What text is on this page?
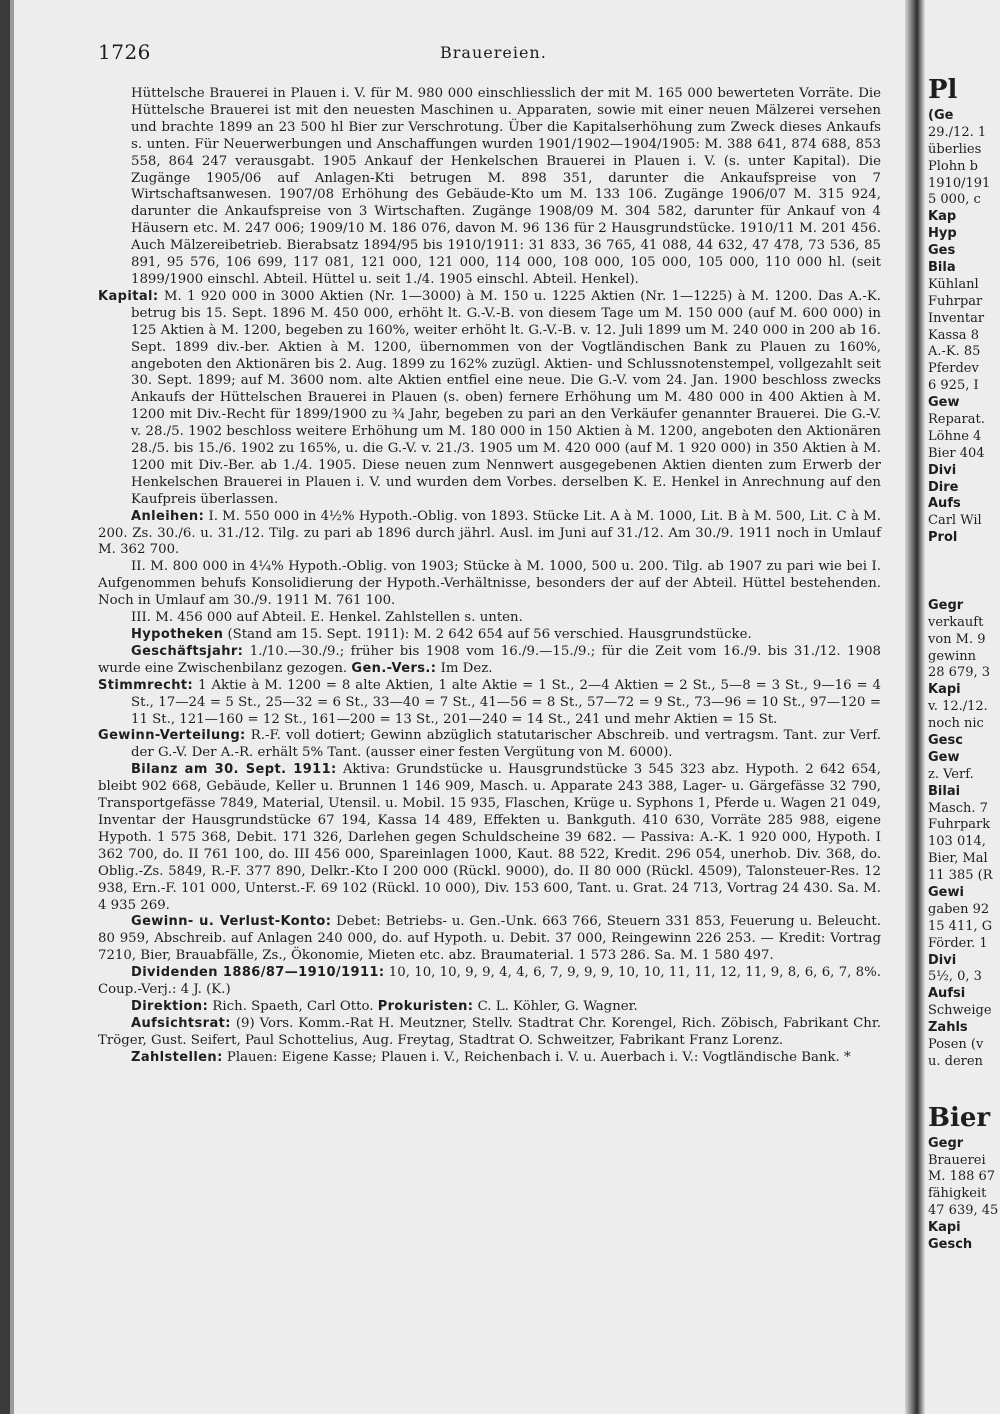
1726	Brauereien.

Hüttelsche Brauerei in Plauen i. V. für M. 980 000 einschliesslich der mit M. 165 000 bewerteten Vorräte. Die Hüttelsche Brauerei ist mit den neuesten Maschinen u. Apparaten, sowie mit einer neuen Mälzerei versehen und brachte 1899 an 23 500 hl Bier zur Verschrotung. Über die Kapitalserhöhung zum Zweck dieses Ankaufs s. unten. Für Neuerwerbungen und Anschaffungen wurden 1901/1902—1904/1905: M. 388 641, 874 688, 853 558, 864 247 verausgabt. 1905 Ankauf der Henkelschen Brauerei in Plauen i. V. (s. unter Kapital). Die Zugänge 1905/06 auf Anlagen-Kti betrugen M. 898 351, darunter die Ankaufspreise von 7 Wirtschaftsanwesen. 1907/08 Erhöhung des Gebäude-Kto um M. 133 106. Zugänge 1906/07 M. 315 924, darunter die Ankaufspreise von 3 Wirtschaften. Zugänge 1908/09 M. 304 582, darunter für Ankauf von 4 Häusern etc. M. 247 006; 1909/10 M. 186 076, davon M. 96 136 für 2 Hausgrundstücke. 1910/11 M. 201 456. Auch Mälzereibetrieb. Bierabsatz 1894/95 bis 1910/1911: 31 833, 36 765, 41 088, 44 632, 47 478, 73 536, 85 891, 95 576, 106 699, 117 081, 121 000, 121 000, 114 000, 108 000, 105 000, 105 000, 110 000 hl. (seit 1899/1900 einschl. Abteil. Hüttel u. seit 1./4. 1905 einschl. Abteil. Henkel).

Kapital: M. 1 920 000 in 3000 Aktien (Nr. 1—3000) à M. 150 u. 1225 Aktien (Nr. 1—1225) à M. 1200. Das A.-K. betrug bis 15. Sept. 1896 M. 450 000, erhöht lt. G.-V.-B. von diesem Tage um M. 150 000 (auf M. 600 000) in 125 Aktien à M. 1200, begeben zu 160%, weiter erhöht lt. G.-V.-B. v. 12. Juli 1899 um M. 240 000 in 200 ab 16. Sept. 1899 div.-ber. Aktien à M. 1200, übernommen von der Vogtländischen Bank zu Plauen zu 160%, angeboten den Aktionären bis 2. Aug. 1899 zu 162% zuzügl. Aktien- und Schlussnotenstempel, vollgezahlt seit 30. Sept. 1899; auf M. 3600 nom. alte Aktien entfiel eine neue. Die G.-V. vom 24. Jan. 1900 beschloss zwecks Ankaufs der Hüttelschen Brauerei in Plauen (s. oben) fernere Erhöhung um M. 480 000 in 400 Aktien à M. 1200 mit Div.-Recht für 1899/1900 zu ¾ Jahr, begeben zu pari an den Verkäufer genannter Brauerei. Die G.-V. v. 28./5. 1902 beschloss weitere Erhöhung um M. 180 000 in 150 Aktien à M. 1200, angeboten den Aktionären 28./5. bis 15./6. 1902 zu 165%, u. die G.-V. v. 21./3. 1905 um M. 420 000 (auf M. 1 920 000) in 350 Aktien à M. 1200 mit Div.-Ber. ab 1./4. 1905. Diese neuen zum Nennwert ausgegebenen Aktien dienten zum Erwerb der Henkelschen Brauerei in Plauen i. V. und wurden dem Vorbes. derselben K. E. Henkel in Anrechnung auf den Kaufpreis überlassen.

Anleihen: I. M. 550 000 in 4½% Hypoth.-Oblig. von 1893. Stücke Lit. A à M. 1000, Lit. B à M. 500, Lit. C à M. 200. Zs. 30./6. u. 31./12. Tilg. zu pari ab 1896 durch jährl. Ausl. im Juni auf 31./12. Am 30./9. 1911 noch in Umlauf M. 362 700.

II. M. 800 000 in 4¼% Hypoth.-Oblig. von 1903; Stücke à M. 1000, 500 u. 200. Tilg. ab 1907 zu pari wie bei I. Aufgenommen behufs Konsolidierung der Hypoth.-Verhältnisse, besonders der auf der Abteil. Hüttel bestehenden. Noch in Umlauf am 30./9. 1911 M. 761 100.

III. M. 456 000 auf Abteil. E. Henkel. Zahlstellen s. unten.

Hypotheken (Stand am 15. Sept. 1911): M. 2 642 654 auf 56 verschied. Hausgrundstücke.

Geschäftsjahr: 1./10.—30./9.; früher bis 1908 vom 16./9.—15./9.; für die Zeit vom 16./9. bis 31./12. 1908 wurde eine Zwischenbilanz gezogen. Gen.-Vers.: Im Dez.

Stimmrecht: 1 Aktie à M. 1200 = 8 alte Aktien, 1 alte Aktie = 1 St., 2—4 Aktien = 2 St., 5—8 = 3 St., 9—16 = 4 St., 17—24 = 5 St., 25—32 = 6 St., 33—40 = 7 St., 41—56 = 8 St., 57—72 = 9 St., 73—96 = 10 St., 97—120 = 11 St., 121—160 = 12 St., 161—200 = 13 St., 201—240 = 14 St., 241 und mehr Aktien = 15 St.

Gewinn-Verteilung: R.-F. voll dotiert; Gewinn abzüglich statutarischer Abschreib. und vertragsm. Tant. zur Verf. der G.-V. Der A.-R. erhält 5% Tant. (ausser einer festen Vergütung von M. 6000).

Bilanz am 30. Sept. 1911: Aktiva: Grundstücke u. Hausgrundstücke 3 545 323 abz. Hypoth. 2 642 654, bleibt 902 668, Gebäude, Keller u. Brunnen 1 146 909, Masch. u. Apparate 243 388, Lager- u. Gärgefässe 32 790, Transportgefässe 7849, Material, Utensil. u. Mobil. 15 935, Flaschen, Krüge u. Syphons 1, Pferde u. Wagen 21 049, Inventar der Hausgrundstücke 67 194, Kassa 14 489, Effekten u. Bankguth. 410 630, Vorräte 285 988, eigene Hypoth. 1 575 368, Debit. 171 326, Darlehen gegen Schuldscheine 39 682. — Passiva: A.-K. 1 920 000, Hypoth. I 362 700, do. II 761 100, do. III 456 000, Spareinlagen 1000, Kaut. 88 522, Kredit. 296 054, unerhob. Div. 368, do. Oblig.-Zs. 5849, R.-F. 377 890, Delkr.-Kto I 200 000 (Rückl. 9000), do. II 80 000 (Rückl. 4509), Talonsteuer-Res. 12 938, Ern.-F. 101 000, Unterst.-F. 69 102 (Rückl. 10 000), Div. 153 600, Tant. u. Grat. 24 713, Vortrag 24 430. Sa. M. 4 935 269.

Gewinn- u. Verlust-Konto: Debet: Betriebs- u. Gen.-Unk. 663 766, Steuern 331 853, Feuerung u. Beleucht. 80 959, Abschreib. auf Anlagen 240 000, do. auf Hypoth. u. Debit. 37 000, Reingewinn 226 253. — Kredit: Vortrag 7210, Bier, Brauabfälle, Zs., Ökonomie, Mieten etc. abz. Braumaterial. 1 573 286. Sa. M. 1 580 497.

Dividenden 1886/87—1910/1911: 10, 10, 10, 9, 9, 4, 4, 6, 7, 9, 9, 9, 10, 10, 11, 11, 12, 11, 9, 8, 6, 6, 7, 8%. Coup.-Verj.: 4 J. (K.)

Direktion: Rich. Spaeth, Carl Otto. Prokuristen: C. L. Köhler, G. Wagner.

Aufsichtsrat: (9) Vors. Komm.-Rat H. Meutzner, Stellv. Stadtrat Chr. Korengel, Rich. Zöbisch, Fabrikant Chr. Tröger, Gust. Seifert, Paul Schottelius, Aug. Freytag, Stadtrat O. Schweitzer, Fabrikant Franz Lorenz.

Zahlstellen: Plauen: Eigene Kasse; Plauen i. V., Reichenbach i. V. u. Auerbach i. V.: Vogtländische Bank. *

Pl
(Ge
29./12. 1
überlies
Plohn b
1910/191
5 000, c
Kap
Hyp
Ges
Bila
Kühlanl
Fuhrpar
Inventar
Kassa 8
A.-K. 85
Pferdev
6 925, I
Gew
Reparat.
Löhne 4
Bier 404
Divi
Dire
Aufs
Carl Wil
Prol
Gegr
verkauft
von M. 9
gewinn
28 679, 3
Kapi
v. 12./12.
noch nic
Gesc
Gew
z. Verf.
Bilai
Masch. 7
Fuhrpark
103 014,
Bier, Mal
11 385 (R
Gewi
gaben 92
15 411, G
Förder. 1
Divi
5½, 0, 3
Aufsi
Schweige
Zahls
Posen (v
u. deren
Bier
Gegr
Brauerei
M. 188 67
fähigkeit
47 639, 45
Kapi
Gesch
